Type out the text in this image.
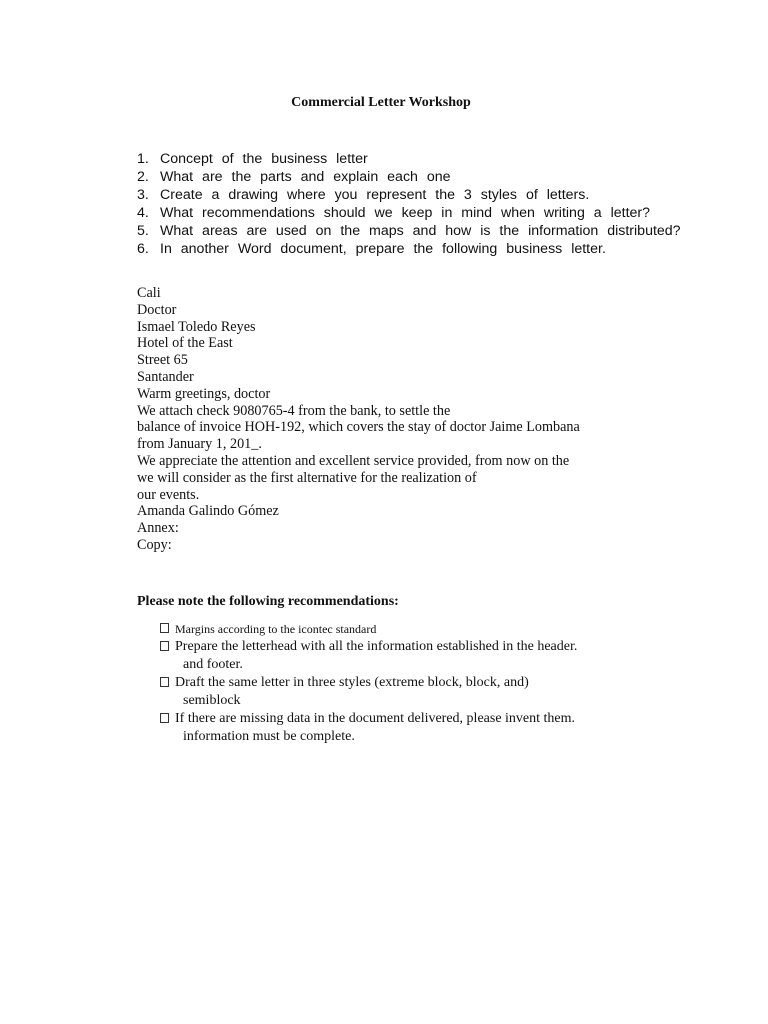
Commercial Letter Workshop
1. Concept of the business letter
2. What are the parts and explain each one
3. Create a drawing where you represent the 3 styles of letters.
4. What recommendations should we keep in mind when writing a letter?
5. What areas are used on the maps and how is the information distributed?
6. In another Word document, prepare the following business letter.
Cali
Doctor
Ismael Toledo Reyes
Hotel of the East
Street 65
Santander
Warm greetings, doctor
We attach check 9080765-4 from the bank, to settle the
balance of invoice HOH-192, which covers the stay of doctor Jaime Lombana
from January 1, 201_.
We appreciate the attention and excellent service provided, from now on the
we will consider as the first alternative for the realization of
our events.
Amanda Galindo Gómez
Annex:
Copy:
Please note the following recommendations:
Margins according to the icontec standard
Prepare the letterhead with all the information established in the header.
and footer.
Draft the same letter in three styles (extreme block, block, and)
semiblock
If there are missing data in the document delivered, please invent them.
information must be complete.
